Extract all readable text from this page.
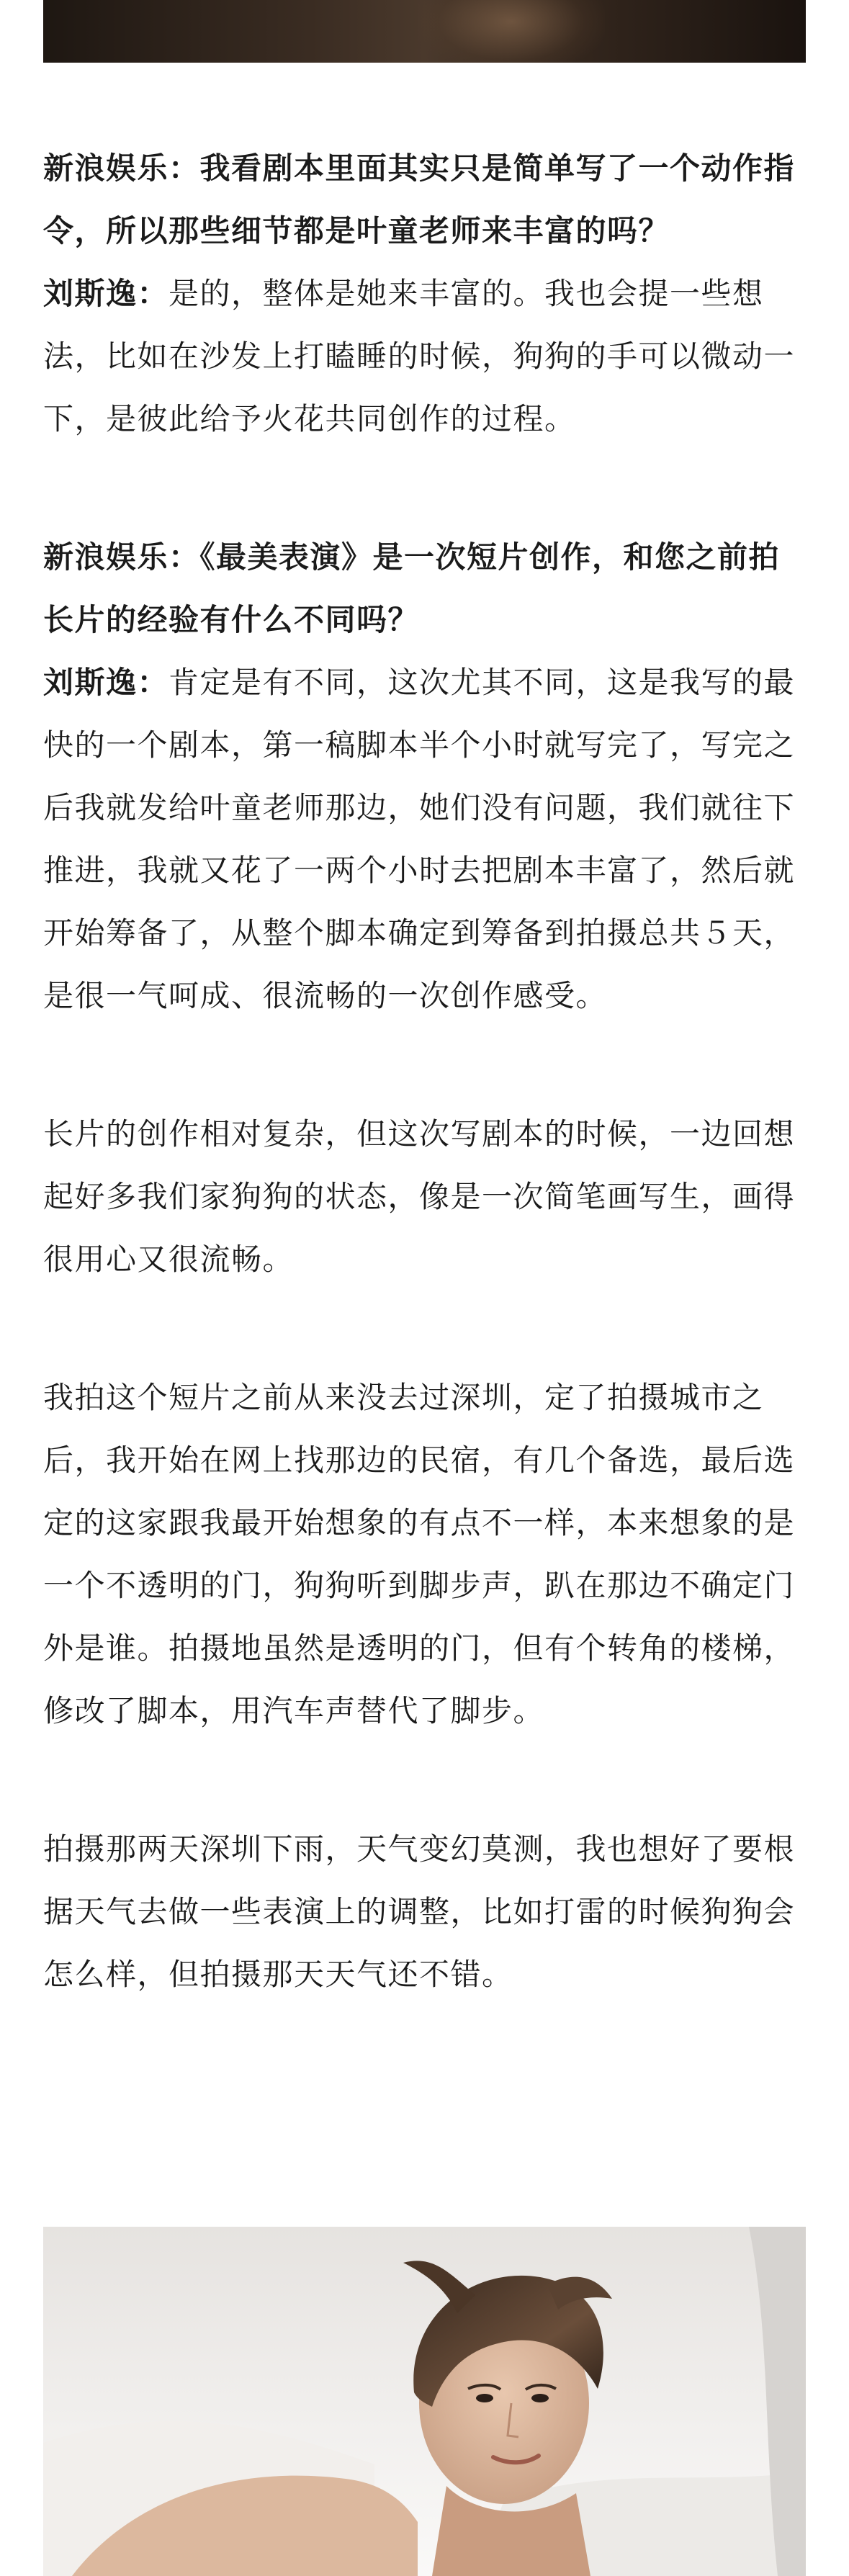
新浪娱乐：我看剧本里面其实只是简单写了一个动作指令，所以那些细节都是叶童老师来丰富的吗？

刘斯逸：是的，整体是她来丰富的。我也会提一些想法，比如在沙发上打瞌睡的时候，狗狗的手可以微动一下，是彼此给予火花共同创作的过程。

新浪娱乐：《最美表演》是一次短片创作，和您之前拍长片的经验有什么不同吗？

刘斯逸：肯定是有不同，这次尤其不同，这是我写的最快的一个剧本，第一稿脚本半个小时就写完了，写完之后我就发给叶童老师那边，她们没有问题，我们就往下推进，我就又花了一两个小时去把剧本丰富了，然后就开始筹备了，从整个脚本确定到筹备到拍摄总共５天，是很一气呵成、很流畅的一次创作感受。

长片的创作相对复杂，但这次写剧本的时候，一边回想起好多我们家狗狗的状态，像是一次简笔画写生，画得很用心又很流畅。

我拍这个短片之前从来没去过深圳，定了拍摄城市之后，我开始在网上找那边的民宿，有几个备选，最后选定的这家跟我最开始想象的有点不一样，本来想象的是一个不透明的门，狗狗听到脚步声，趴在那边不确定门外是谁。拍摄地虽然是透明的门，但有个转角的楼梯，修改了脚本，用汽车声替代了脚步。

拍摄那两天深圳下雨，天气变幻莫测，我也想好了要根据天气去做一些表演上的调整，比如打雷的时候狗狗会怎么样，但拍摄那天天气还不错。
